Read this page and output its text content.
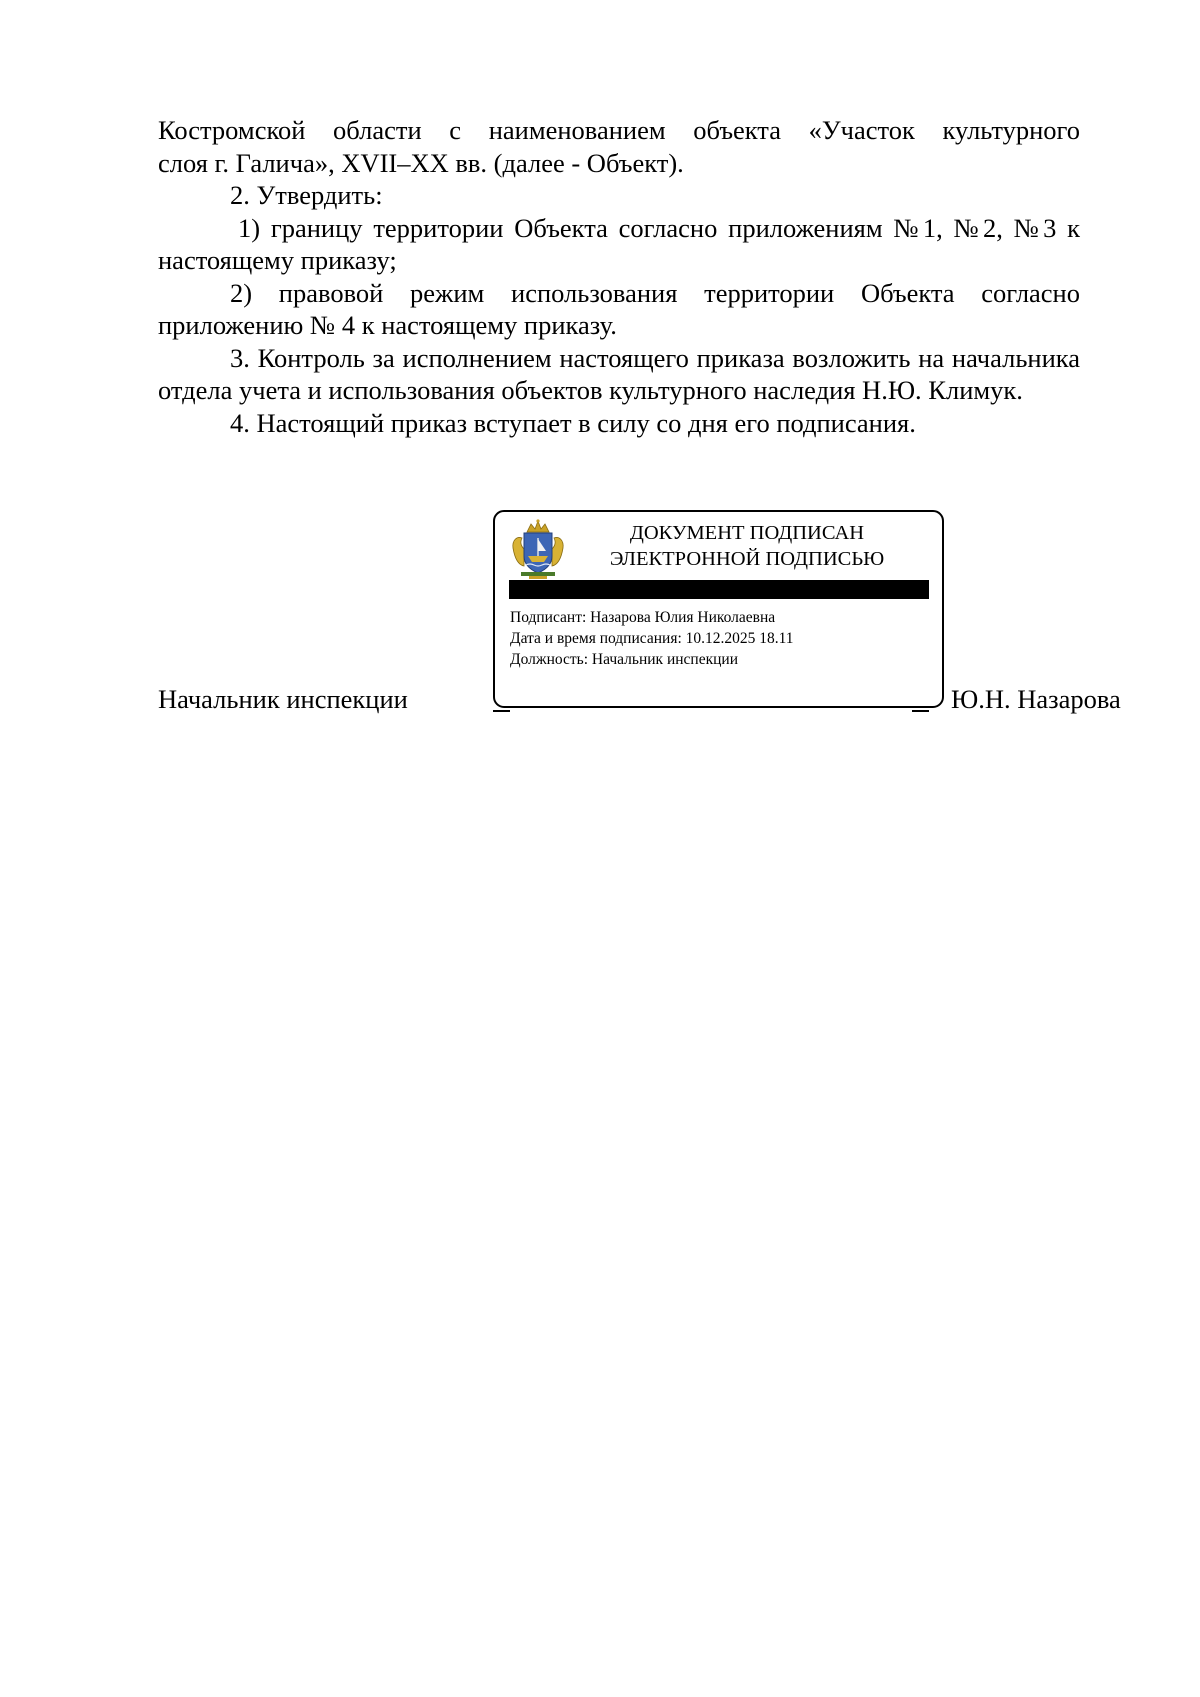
Костромской области с наименованием объекта «Участок культурного
слоя г. Галича», XVII–XX вв. (далее - Объект).

2. Утвердить:

1) границу территории Объекта согласно приложениям №1, №2, №3 к настоящему приказу;

2) правовой режим использования территории Объекта согласно приложению № 4 к настоящему приказу.

3. Контроль за исполнением настоящего приказа возложить на начальника отдела учета и использования объектов культурного наследия Н.Ю. Климук.

4. Настоящий приказ вступает в силу со дня его подписания.

ДОКУМЕНТ ПОДПИСАН
ЭЛЕКТРОННОЙ ПОДПИСЬЮ
Подписант: Назарова Юлия Николаевна
Дата и время подписания: 10.12.2025 18.11
Должность: Начальник инспекции
Начальник инспекции	Ю.Н. Назарова
